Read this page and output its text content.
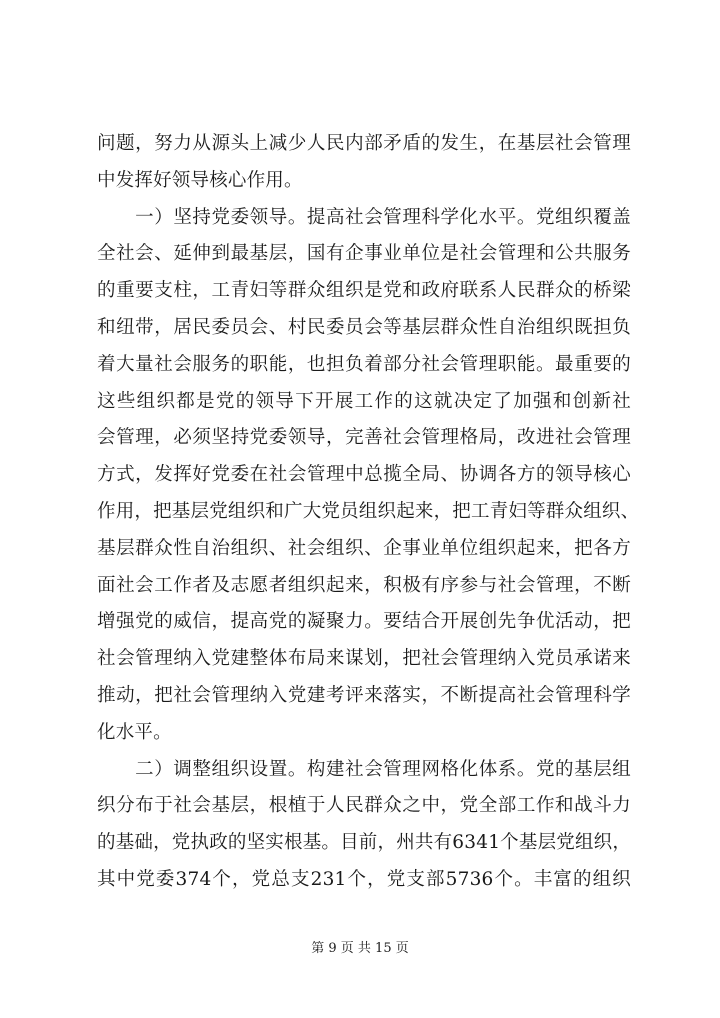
问题，努力从源头上减少人民内部矛盾的发生，在基层社会管理
中发挥好领导核心作用。
　　一）坚持党委领导。提高社会管理科学化水平。党组织覆盖
全社会、延伸到最基层，国有企事业单位是社会管理和公共服务
的重要支柱，工青妇等群众组织是党和政府联系人民群众的桥梁
和纽带，居民委员会、村民委员会等基层群众性自治组织既担负
着大量社会服务的职能，也担负着部分社会管理职能。最重要的
这些组织都是党的领导下开展工作的这就决定了加强和创新社
会管理，必须坚持党委领导，完善社会管理格局，改进社会管理
方式，发挥好党委在社会管理中总揽全局、协调各方的领导核心
作用，把基层党组织和广大党员组织起来，把工青妇等群众组织、
基层群众性自治组织、社会组织、企事业单位组织起来，把各方
面社会工作者及志愿者组织起来，积极有序参与社会管理，不断
增强党的威信，提高党的凝聚力。要结合开展创先争优活动，把
社会管理纳入党建整体布局来谋划，把社会管理纳入党员承诺来
推动，把社会管理纳入党建考评来落实，不断提高社会管理科学
化水平。
　　二）调整组织设置。构建社会管理网格化体系。党的基层组
织分布于社会基层，根植于人民群众之中，党全部工作和战斗力
的基础，党执政的坚实根基。目前，州共有6341个基层党组织，
其中党委374个，党总支231个，党支部5736个。丰富的组织
第 9 页 共 15 页
